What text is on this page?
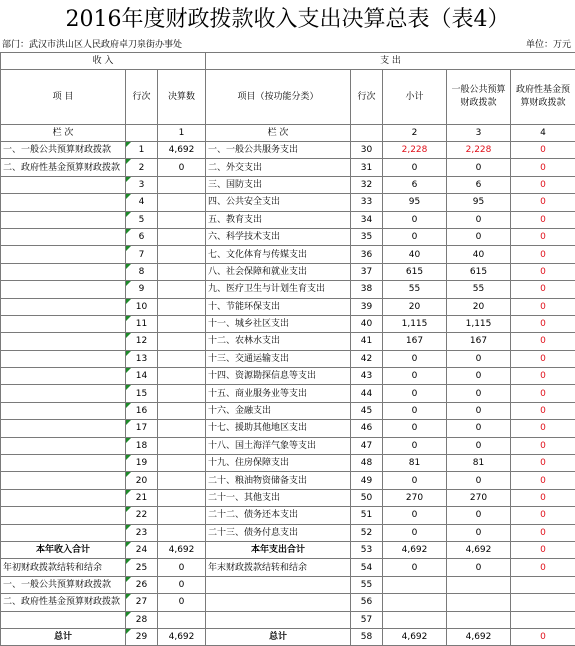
2016年度财政拨款收入支出决算总表（表4）
部门：武汉市洪山区人民政府卓刀泉街办事处	单位：万元
收 入			支 出				
项 目	行次	决算数	项目（按功能分类）	行次	小计	一般公共预算财政拨款	政府性基金预算财政拨款
栏 次		1	栏 次		2	3	4
一、一般公共预算财政拨款	1	4,692	一、一般公共服务支出	30	2,228	2,228	0
二、政府性基金预算财政拨款	2	0	二、外交支出	31	0	0	0
	3		三、国防支出	32	6	6	0
	4		四、公共安全支出	33	95	95	0
	5		五、教育支出	34	0	0	0
	6		六、科学技术支出	35	0	0	0
	7		七、文化体育与传媒支出	36	40	40	0
	8		八、社会保障和就业支出	37	615	615	0
	9		九、医疗卫生与计划生育支出	38	55	55	0
	10		十、节能环保支出	39	20	20	0
	11		十一、城乡社区支出	40	1,115	1,115	0
	12		十二、农林水支出	41	167	167	0
	13		十三、交通运输支出	42	0	0	0
	14		十四、资源勘探信息等支出	43	0	0	0
	15		十五、商业服务业等支出	44	0	0	0
	16		十六、金融支出	45	0	0	0
	17		十七、援助其他地区支出	46	0	0	0
	18		十八、国土海洋气象等支出	47	0	0	0
	19		十九、住房保障支出	48	81	81	0
	20		二十、粮油物资储备支出	49	0	0	0
	21		二十一、其他支出	50	270	270	0
	22		二十二、债务还本支出	51	0	0	0
	23		二十三、债务付息支出	52	0	0	0
本年收入合计	24	4,692	本年支出合计	53	4,692	4,692	0
年初财政拨款结转和结余	25	0	年末财政拨款结转和结余	54	0	0	0
一、一般公共预算财政拨款	26	0		55			
二、政府性基金预算财政拨款	27	0		56			
	28			57			
总计	29	4,692	总计	58	4,692	4,692	0
